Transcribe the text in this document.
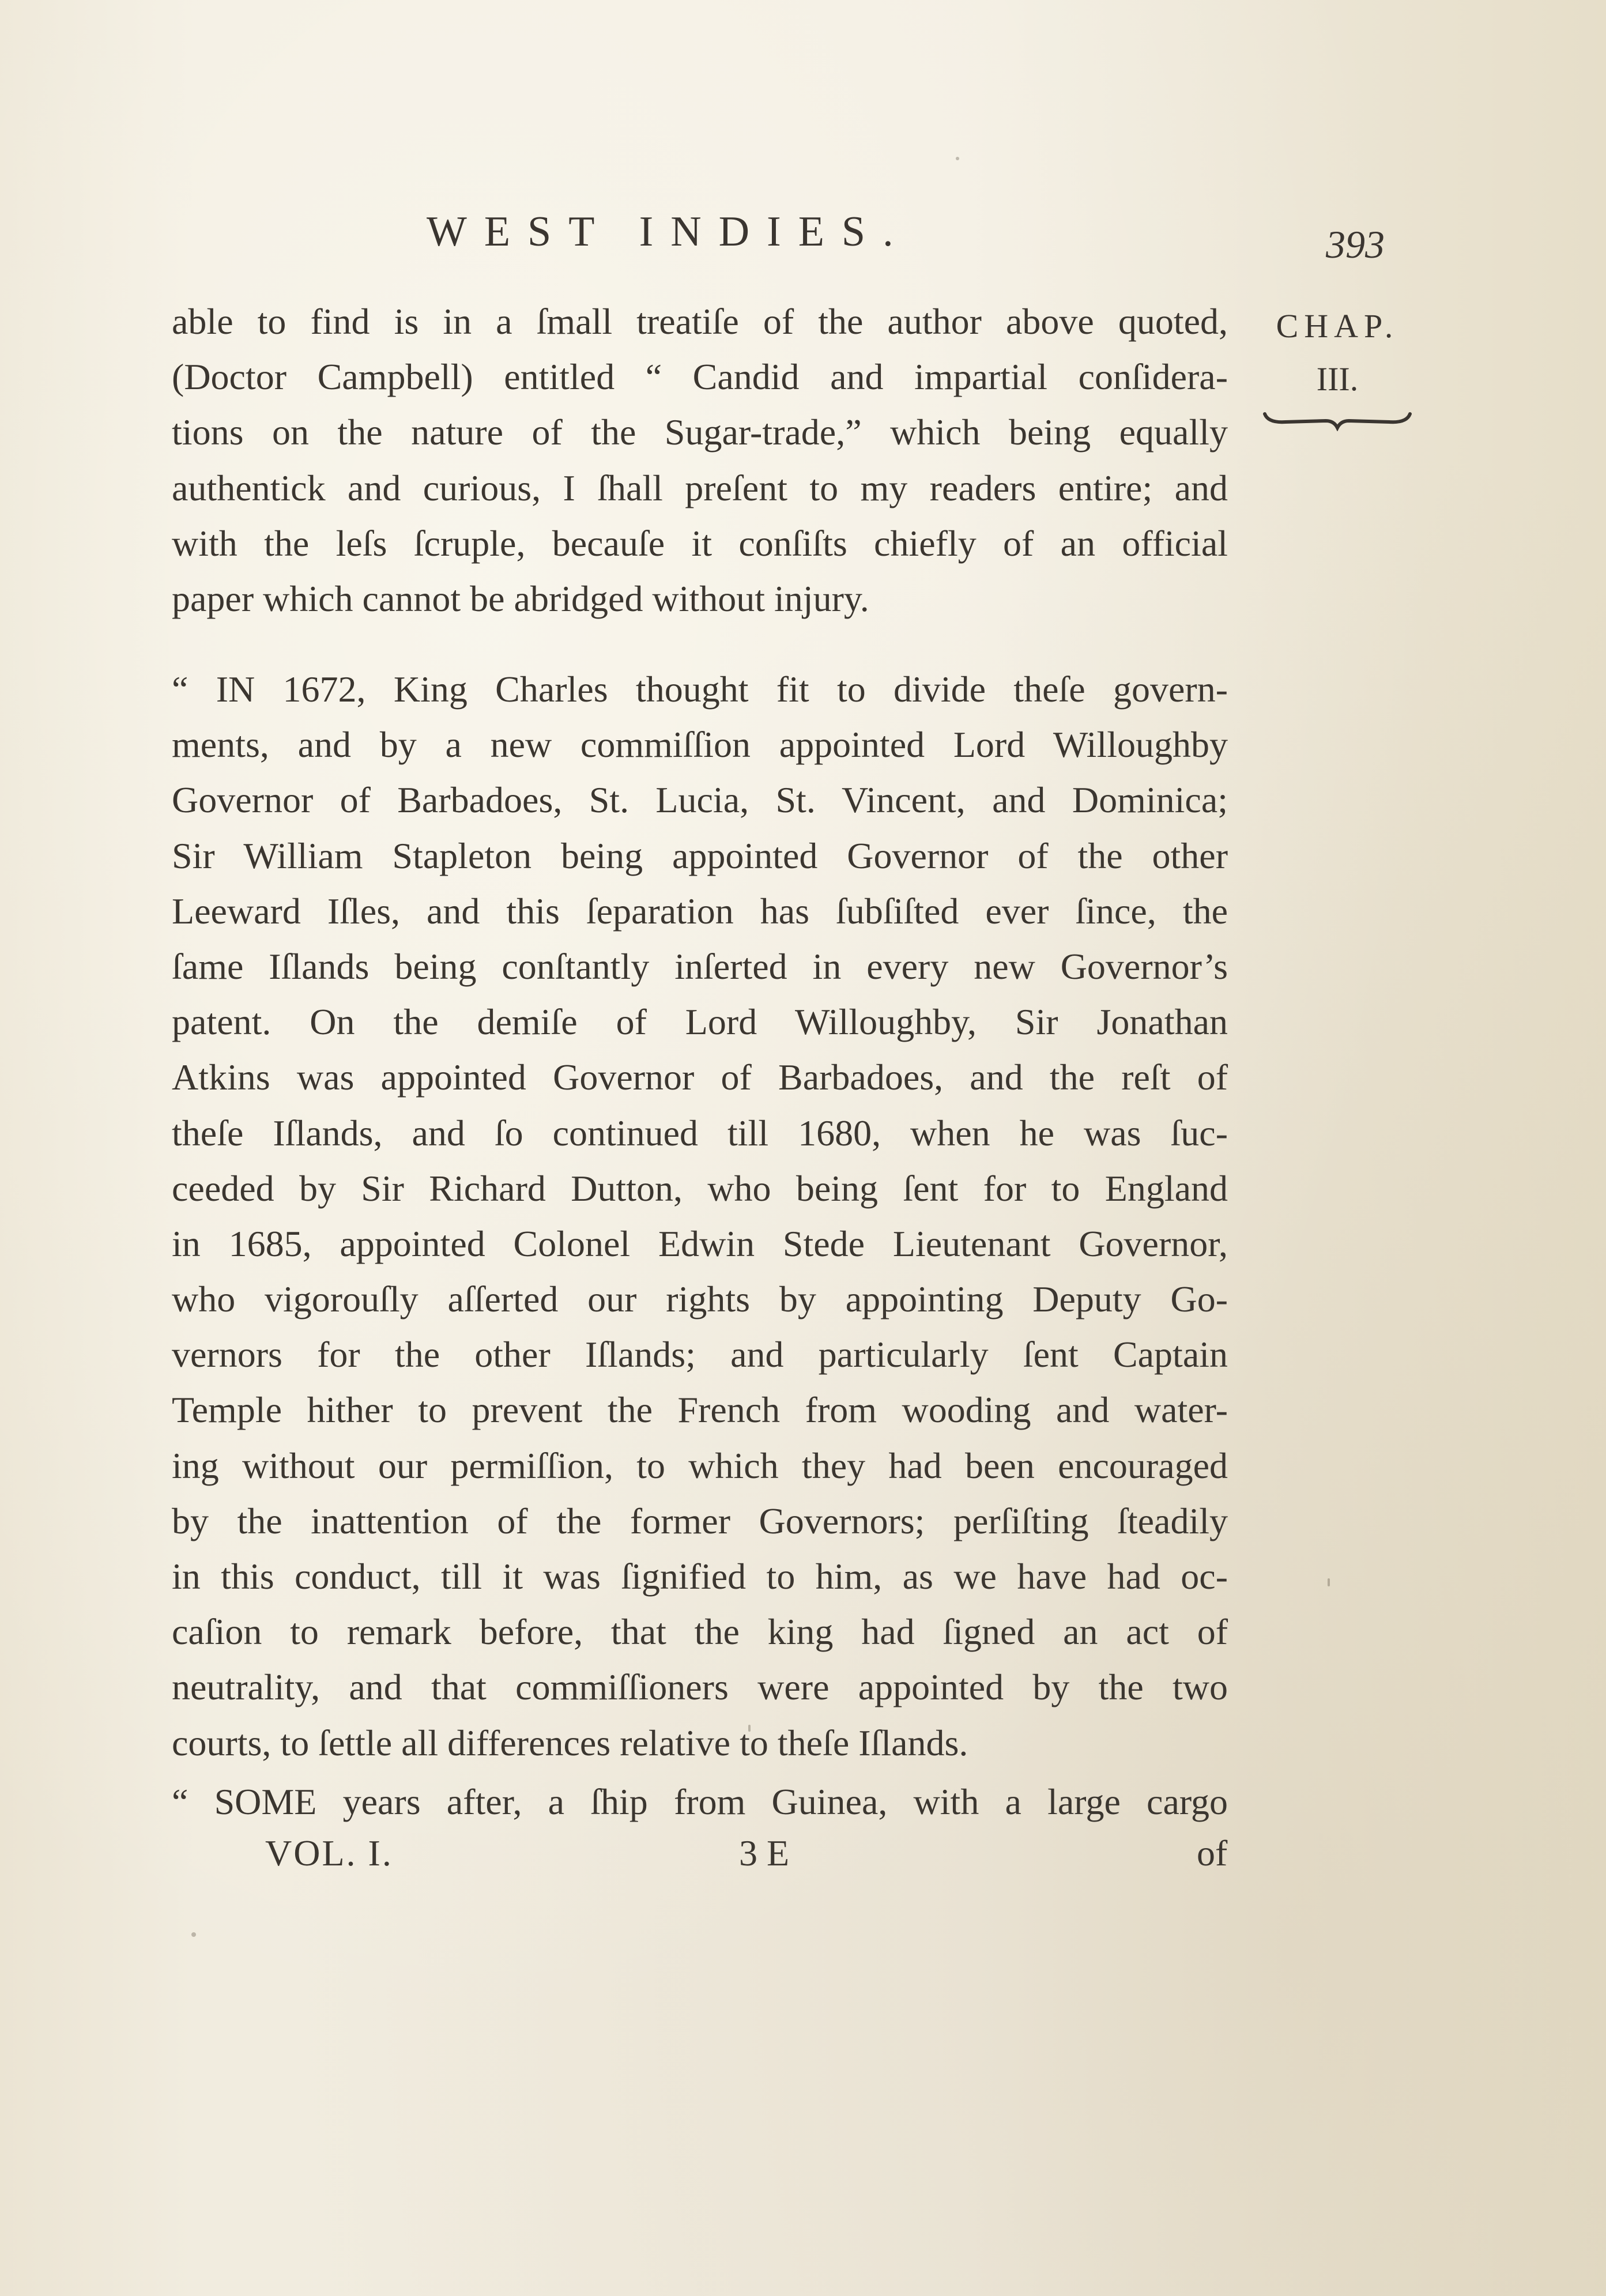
WEST INDIES.	393
CHAP.
III.
able to find is in a ſmall treatiſe of the author above quoted,
(Doctor Campbell) entitled “ Candid and impartial conſidera-
tions on the nature of the Sugar-trade,” which being equally
authentick and curious, I ſhall preſent to my readers entire; and
with the leſs ſcruple, becauſe it conſiſts chiefly of an official
paper which cannot be abridged without injury.
“ IN 1672, King Charles thought fit to divide theſe govern-
ments, and by a new commiſſion appointed Lord Willoughby
Governor of Barbadoes, St. Lucia, St. Vincent, and Dominica;
Sir William Stapleton being appointed Governor of the other
Leeward Iſles, and this ſeparation has ſubſiſted ever ſince, the
ſame Iſlands being conſtantly inſerted in every new Governor’s
patent. On the demiſe of Lord Willoughby, Sir Jonathan
Atkins was appointed Governor of Barbadoes, and the reſt of
theſe Iſlands, and ſo continued till 1680, when he was ſuc-
ceeded by Sir Richard Dutton, who being ſent for to England
in 1685, appointed Colonel Edwin Stede Lieutenant Governor,
who vigorouſly aſſerted our rights by appointing Deputy Go-
vernors for the other Iſlands; and particularly ſent Captain
Temple hither to prevent the French from wooding and water-
ing without our permiſſion, to which they had been encouraged
by the inattention of the former Governors; perſiſting ſteadily
in this conduct, till it was ſignified to him, as we have had oc-
caſion to remark before, that the king had ſigned an act of
neutrality, and that commiſſioners were appointed by the two
courts, to ſettle all differences relative to theſe Iſlands.
“ SOME years after, a ſhip from Guinea, with a large cargo
VOL. I.	3 E	of
